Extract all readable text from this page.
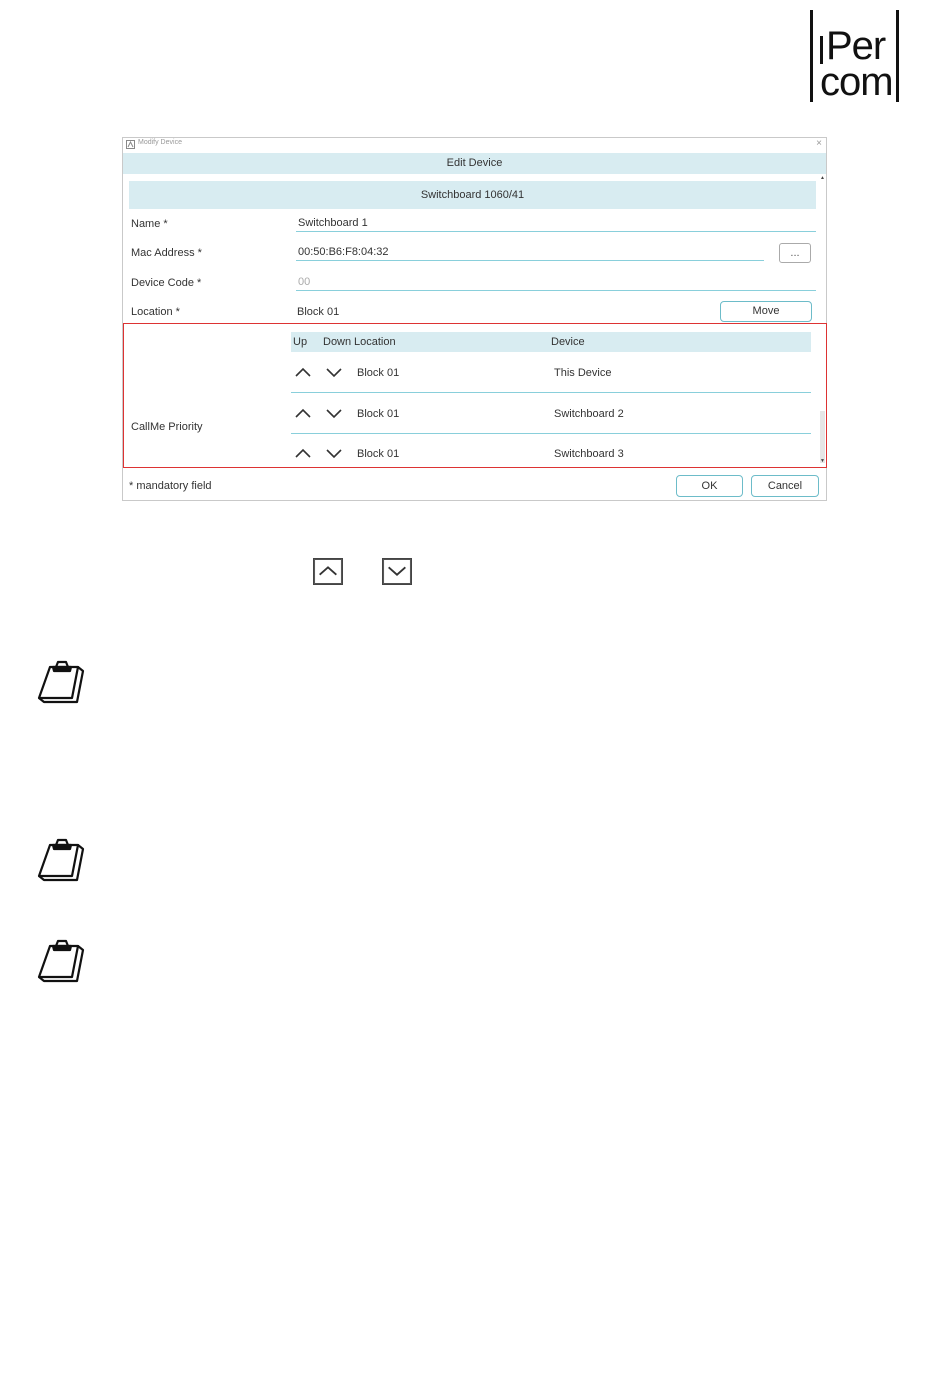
Per
com
Modify Device	×
Edit Device
Switchboard 1060/41
▲
▼
Name *	Switchboard 1
Mac Address *	00:50:B6:F8:04:32	...
Device Code *	00
Location *	Block 01	Move
CallMe Priority
Up Down Location	Device
Block 01	This Device
Block 01	Switchboard 2
Block 01	Switchboard 3
* mandatory field	OK	Cancel
